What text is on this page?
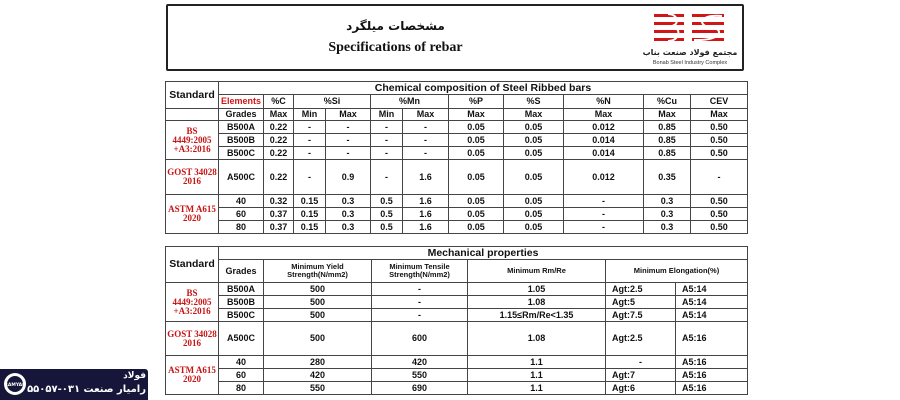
مشخصات میلگرد
Specifications of rebar	مجتمع فولاد صنعت بناب
Bonab Steel Industry Complex
Standard	Chemical composition of Steel Ribbed bars										
	Elements	%C	%Si		%Mn		%P	%S	%N	%Cu	CEV
	Grades	Max	Min	Max	Min	Max	Max	Max	Max	Max	Max
BS 4449:2005 +A3:2016	B500A	0.22	-	-	-	-	0.05	0.05	0.012	0.85	0.50
	B500B	0.22	-	-	-	-	0.05	0.05	0.014	0.85	0.50
	B500C	0.22	-	-	-	-	0.05	0.05	0.014	0.85	0.50
GOST 34028 2016	A500C	0.22	-	0.9	-	1.6	0.05	0.05	0.012	0.35	-
ASTM A615 2020	40	0.32	0.15	0.3	0.5	1.6	0.05	0.05	-	0.3	0.50
	60	0.37	0.15	0.3	0.5	1.6	0.05	0.05	-	0.3	0.50
	80	0.37	0.15	0.3	0.5	1.6	0.05	0.05	-	0.3	0.50
Standard	Mechanical properties					
	Grades	Minimum Yield Strength(N/mm2)	Minimum Tensile Strength(N/mm2)	Minimum Rm/Re	Minimum Elongation(%)	
BS 4449:2005 +A3:2016	B500A	500	-	1.05	Agt:2.5	A5:14
	B500B	500	-	1.08	Agt:5	A5:14
	B500C	500	-	1.15≤Rm/Re<1.35	Agt:7.5	A5:14
GOST 34028 2016	A500C	500	600	1.08	Agt:2.5	A5:16
ASTM A615 2020	40	280	420	1.1	-	A5:16
	60	420	550	1.1	Agt:7	A5:16
	80	550	690	1.1	Agt:6	A5:16
RAMYAR
فولاد
رامیار صنعت ۰۳۱-۵۵۰۵۷
